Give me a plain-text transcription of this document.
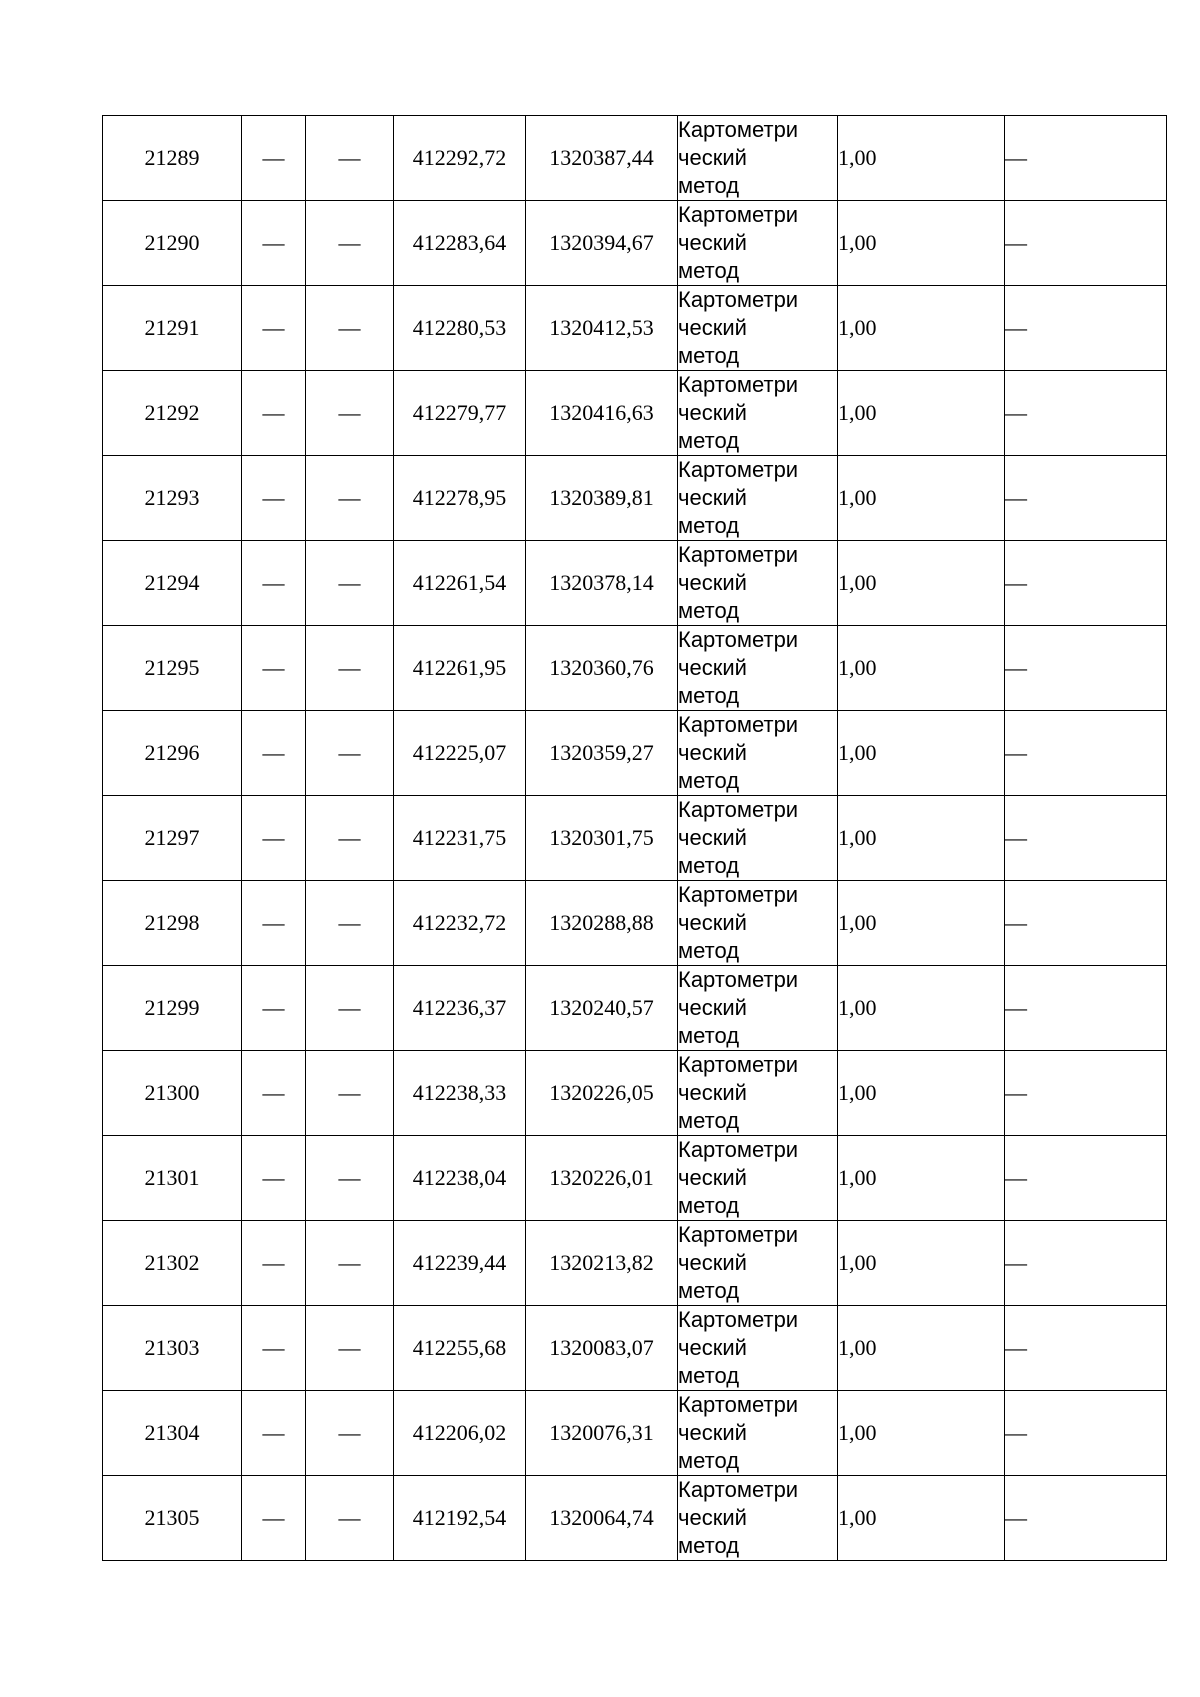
21289	—	—	412292,72	1320387,44	Картометри
ческий
метод	1,00	—
21290	—	—	412283,64	1320394,67	Картометри
ческий
метод	1,00	—
21291	—	—	412280,53	1320412,53	Картометри
ческий
метод	1,00	—
21292	—	—	412279,77	1320416,63	Картометри
ческий
метод	1,00	—
21293	—	—	412278,95	1320389,81	Картометри
ческий
метод	1,00	—
21294	—	—	412261,54	1320378,14	Картометри
ческий
метод	1,00	—
21295	—	—	412261,95	1320360,76	Картометри
ческий
метод	1,00	—
21296	—	—	412225,07	1320359,27	Картометри
ческий
метод	1,00	—
21297	—	—	412231,75	1320301,75	Картометри
ческий
метод	1,00	—
21298	—	—	412232,72	1320288,88	Картометри
ческий
метод	1,00	—
21299	—	—	412236,37	1320240,57	Картометри
ческий
метод	1,00	—
21300	—	—	412238,33	1320226,05	Картометри
ческий
метод	1,00	—
21301	—	—	412238,04	1320226,01	Картометри
ческий
метод	1,00	—
21302	—	—	412239,44	1320213,82	Картометри
ческий
метод	1,00	—
21303	—	—	412255,68	1320083,07	Картометри
ческий
метод	1,00	—
21304	—	—	412206,02	1320076,31	Картометри
ческий
метод	1,00	—
21305	—	—	412192,54	1320064,74	Картометри
ческий
метод	1,00	—
